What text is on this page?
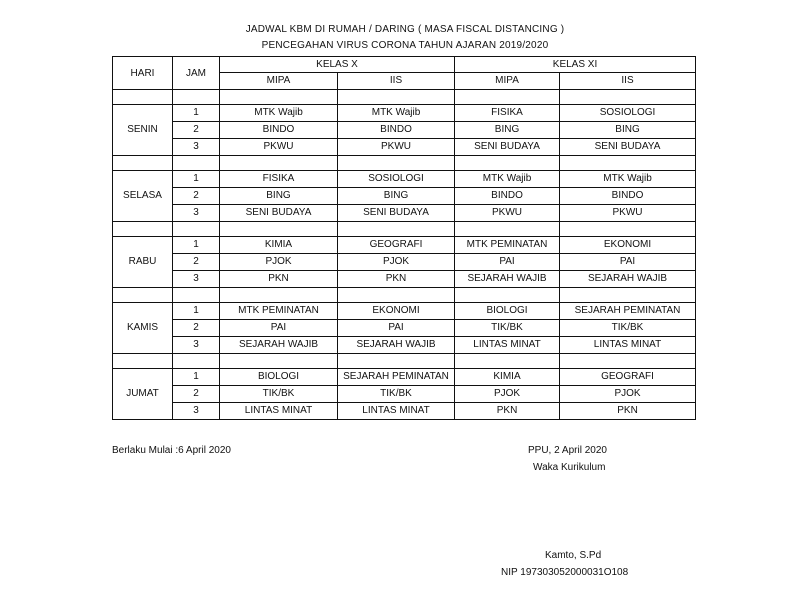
JADWAL KBM DI RUMAH / DARING ( MASA FISCAL DISTANCING )
PENCEGAHAN VIRUS CORONA TAHUN AJARAN 2019/2020
HARI	JAM	KELAS X		KELAS XI	
		MIPA	IIS	MIPA	IIS

SENIN	1	MTK Wajib	MTK Wajib	FISIKA	SOSIOLOGI
	2	BINDO	BINDO	BING	BING
	3	PKWU	PKWU	SENI BUDAYA	SENI BUDAYA

SELASA	1	FISIKA	SOSIOLOGI	MTK Wajib	MTK Wajib
	2	BING	BING	BINDO	BINDO
	3	SENI BUDAYA	SENI BUDAYA	PKWU	PKWU

RABU	1	KIMIA	GEOGRAFI	MTK PEMINATAN	EKONOMI
	2	PJOK	PJOK	PAI	PAI
	3	PKN	PKN	SEJARAH WAJIB	SEJARAH WAJIB

KAMIS	1	MTK PEMINATAN	EKONOMI	BIOLOGI	SEJARAH PEMINATAN
	2	PAI	PAI	TIK/BK	TIK/BK
	3	SEJARAH WAJIB	SEJARAH WAJIB	LINTAS MINAT	LINTAS MINAT

JUMAT	1	BIOLOGI	SEJARAH PEMINATAN	KIMIA	GEOGRAFI
	2	TIK/BK	TIK/BK	PJOK	PJOK
	3	LINTAS MINAT	LINTAS MINAT	PKN	PKN
Berlaku Mulai :6 April 2020	PPU, 2 April 2020
Waka Kurikulum
Kamto, S.Pd
NIP 197303052000031O108
